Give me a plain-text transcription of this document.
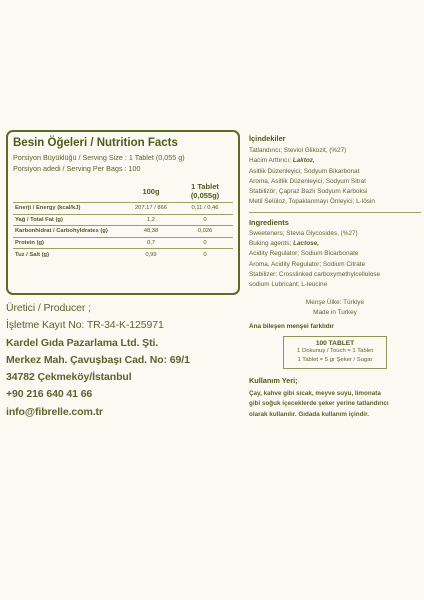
Besin Öğeleri / Nutrition Facts
Porsiyon Büyüklüğü / Serving Size : 1 Tablet (0,055 g)
Porsiyon adedi / Serving Per Bags : 100
	100g	1 Tablet (0,055g)
Enerji / Energy (kcal/kJ)	207,17 / 866	0,11 / 0,46
Yağ / Total Fat (g)	1,2	0
Karbonhidrat / Carbohyldrates (g)	48,38	0,026
Protein (g)	0,7	0
Tuz / Salt (g)	0,99	0
Üretici / Producer ;
İşletme Kayıt No: TR-34-K-125971
Kardel Gıda Pazarlama Ltd. Şti.
Merkez Mah. Çavuşbaşı Cad. No: 69/1
34782 Çekmeköy/İstanbul
+90 216 640 41 66
info@fibrelle.com.tr
İçindekiler
Tatlandırıcı; Steviol Glikozit, (%27)
Hacim Arttırıcı; Laktoz,
Asitlik Düzenleyici; Sodyum Bikarbonat
Aroma, Asitlik Düzenleyici; Sodyum Sitrat
Stabilizör; Çapraz Bazlı Sodyum Karboksi
Metil Selüloz, Topaklanmayı Önleyici; L-lösin
Ingredients
Sweeteners; Stevia Glycosides, (%27)
Buking agents; Lactose,
Acidity Regulator; Sodium Bicarbonate
Aroma, Acidity Regulator; Sodium Citrate
Stabilizer; Crosslinked carboxymethylcellulose
sodium Lubricant; L-leucine
Menşe Ülke: Türkiye
Made in Turkey
Ana bileşen menşei farklıdır
100 TABLET
1 Dokunuş / Touch = 1 Tablet
1 Tablet = 5 gr Şeker / Sugar
Kullanım Yeri;
Çay, kahve gibi sıcak, meyve suyu, limonata
gibi soğuk içeceklerde şeker yerine tatlandırıcı
olarak kullanılır. Gıdada kullanım içindir.
